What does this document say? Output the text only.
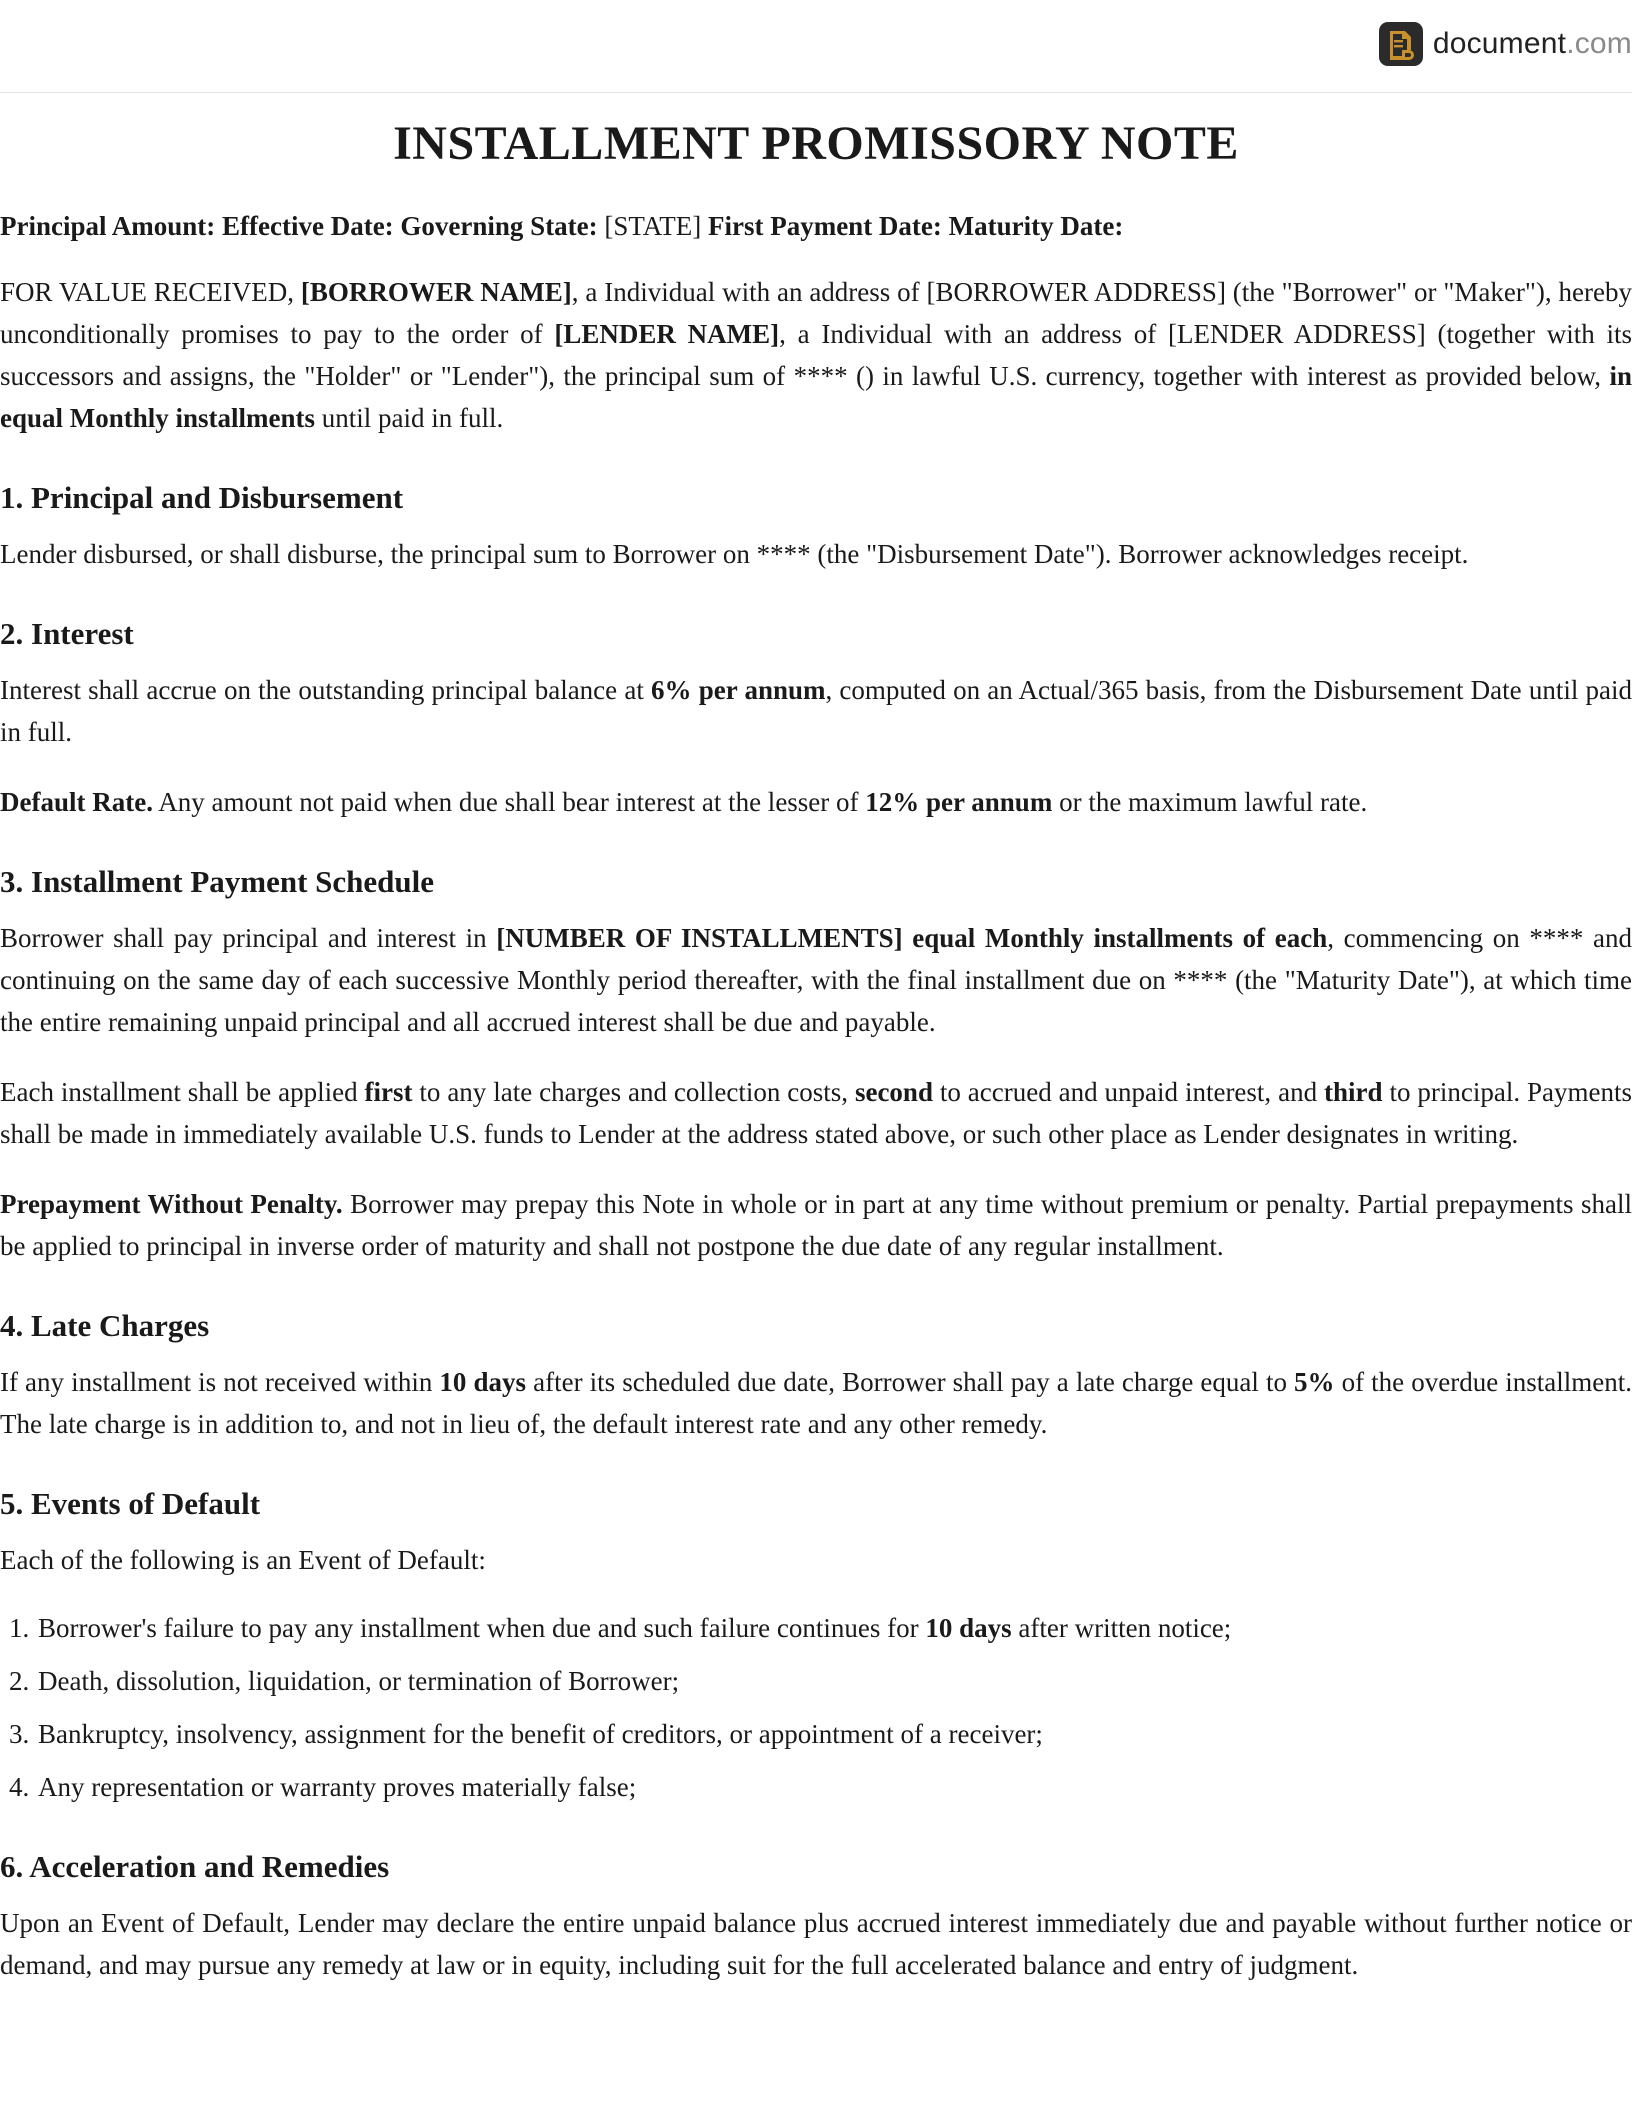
document.com
INSTALLMENT PROMISSORY NOTE

Principal Amount: Effective Date: Governing State: [STATE] First Payment Date: Maturity Date:

FOR VALUE RECEIVED, [BORROWER NAME], a Individual with an address of [BORROWER ADDRESS] (the "Borrower" or "Maker"), hereby unconditionally promises to pay to the order of [LENDER NAME], a Individual with an address of [LENDER ADDRESS] (together with its successors and assigns, the "Holder" or "Lender"), the principal sum of **** () in lawful U.S. currency, together with interest as provided below, in equal Monthly installments until paid in full.

1. Principal and Disbursement

Lender disbursed, or shall disburse, the principal sum to Borrower on **** (the "Disbursement Date"). Borrower acknowledges receipt.

2. Interest

Interest shall accrue on the outstanding principal balance at 6% per annum, computed on an Actual/365 basis, from the Disbursement Date until paid in full.

Default Rate. Any amount not paid when due shall bear interest at the lesser of 12% per annum or the maximum lawful rate.

3. Installment Payment Schedule

Borrower shall pay principal and interest in [NUMBER OF INSTALLMENTS] equal Monthly installments of each, commencing on **** and continuing on the same day of each successive Monthly period thereafter, with the final installment due on **** (the "Maturity Date"), at which time the entire remaining unpaid principal and all accrued interest shall be due and payable.

Each installment shall be applied first to any late charges and collection costs, second to accrued and unpaid interest, and third to principal. Payments shall be made in immediately available U.S. funds to Lender at the address stated above, or such other place as Lender designates in writing.

Prepayment Without Penalty. Borrower may prepay this Note in whole or in part at any time without premium or penalty. Partial prepayments shall be applied to principal in inverse order of maturity and shall not postpone the due date of any regular installment.

4. Late Charges

If any installment is not received within 10 days after its scheduled due date, Borrower shall pay a late charge equal to 5% of the overdue installment. The late charge is in addition to, and not in lieu of, the default interest rate and any other remedy.

5. Events of Default

Each of the following is an Event of Default:

1. Borrower's failure to pay any installment when due and such failure continues for 10 days after written notice;
2. Death, dissolution, liquidation, or termination of Borrower;
3. Bankruptcy, insolvency, assignment for the benefit of creditors, or appointment of a receiver;
4. Any representation or warranty proves materially false;
6. Acceleration and Remedies

Upon an Event of Default, Lender may declare the entire unpaid balance plus accrued interest immediately due and payable without further notice or demand, and may pursue any remedy at law or in equity, including suit for the full accelerated balance and entry of judgment.
